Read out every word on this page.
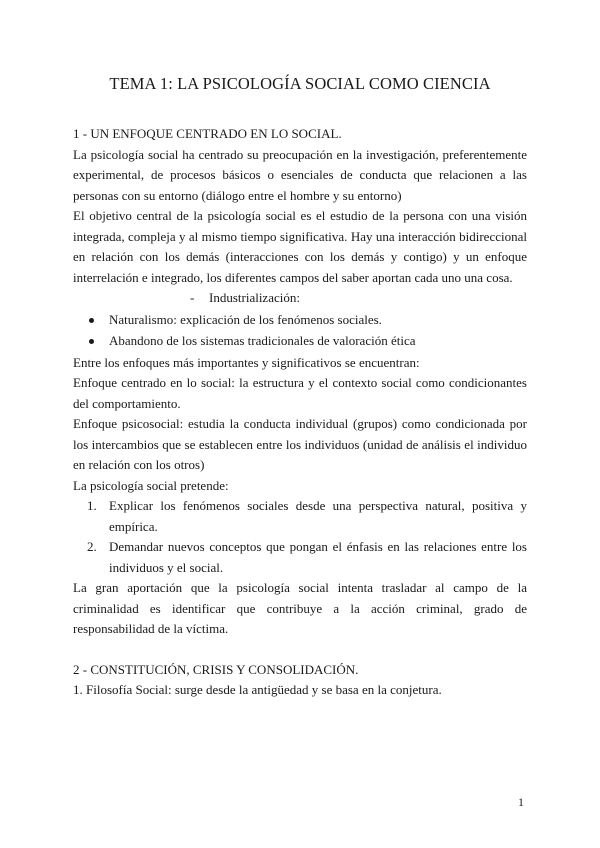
TEMA 1: LA PSICOLOGÍA SOCIAL COMO CIENCIA
1 - UN ENFOQUE CENTRADO EN LO SOCIAL.

La psicología social ha centrado su preocupación en la investigación, preferentemente experimental, de procesos básicos o esenciales de conducta que relacionen a las personas con su entorno (diálogo entre el hombre y su entorno)

El objetivo central de la psicología social es el estudio de la persona con una visión integrada, compleja y al mismo tiempo significativa. Hay una interacción bidireccional en relación con los demás (interacciones con los demás y contigo) y un enfoque interrelación e integrado, los diferentes campos del saber aportan cada uno una cosa.

- Industrialización:

Naturalismo: explicación de los fenómenos sociales.
Abandono de los sistemas tradicionales de valoración ética

Entre los enfoques más importantes y significativos se encuentran:

Enfoque centrado en lo social: la estructura y el contexto social como condicionantes del comportamiento.

Enfoque psicosocial: estudia la conducta individual (grupos) como condicionada por los intercambios que se establecen entre los individuos (unidad de análisis el individuo en relación con los otros)

La psicología social pretende:

1. Explicar los fenómenos sociales desde una perspectiva natural, positiva y empírica.
2. Demandar nuevos conceptos que pongan el énfasis en las relaciones entre los individuos y el social.

La gran aportación que la psicología social intenta trasladar al campo de la criminalidad es identificar que contribuye a la acción criminal, grado de responsabilidad de la víctima.

2 - CONSTITUCIÓN, CRISIS Y CONSOLIDACIÓN.

1. Filosofía Social: surge desde la antigüedad y se basa en la conjetura.

1
